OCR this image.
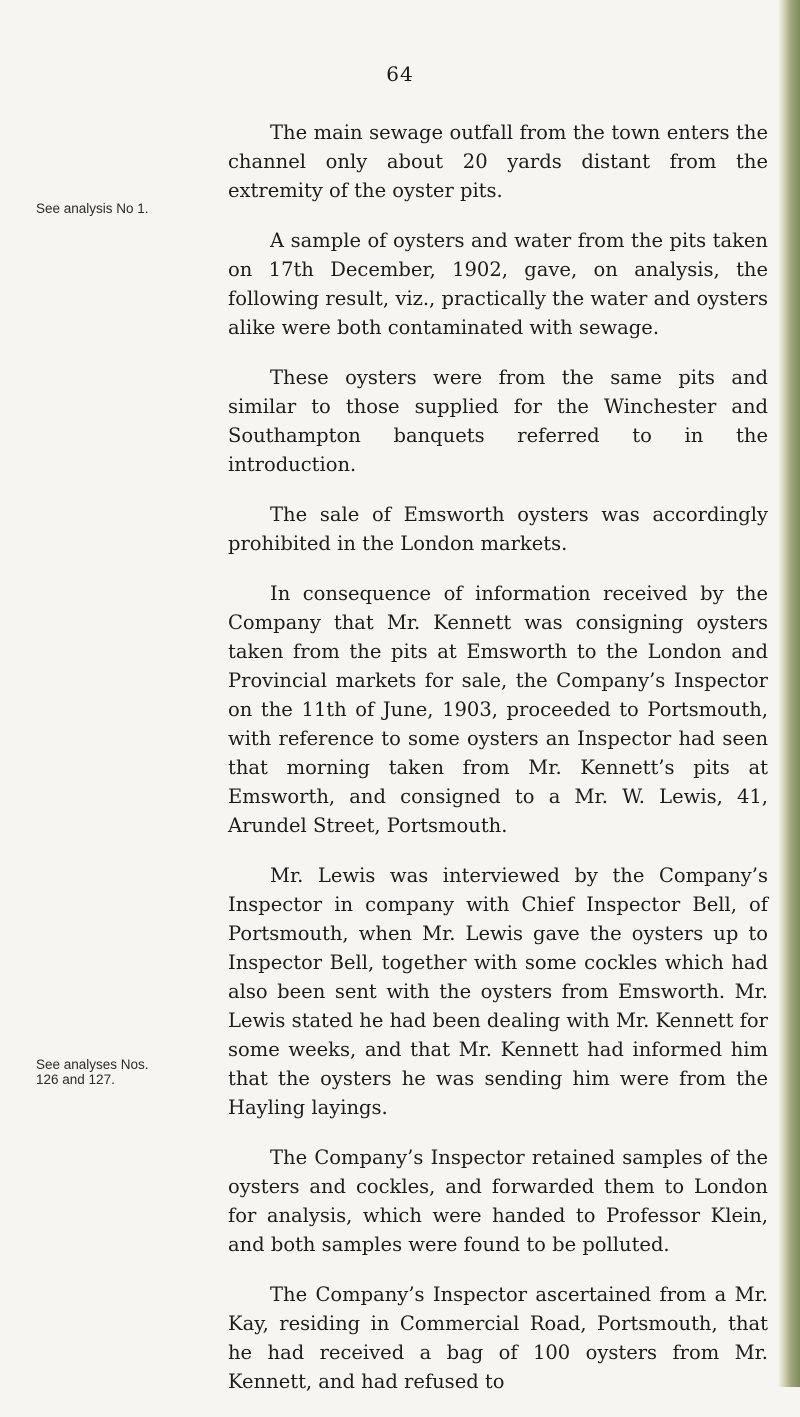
64
See analysis No 1.
See analyses Nos. 126 and 127.

The main sewage outfall from the town enters the channel only about 20 yards distant from the extremity of the oyster pits.

A sample of oysters and water from the pits taken on 17th December, 1902, gave, on analysis, the following result, viz., practically the water and oysters alike were both contaminated with sewage.

These oysters were from the same pits and similar to those supplied for the Winchester and Southampton banquets referred to in the introduction.

The sale of Emsworth oysters was accordingly prohibited in the London markets.

In consequence of information received by the Company that Mr. Kennett was consigning oysters taken from the pits at Emsworth to the London and Provincial markets for sale, the Company’s Inspector on the 11th of June, 1903, proceeded to Portsmouth, with reference to some oysters an Inspector had seen that morning taken from Mr. Kennett’s pits at Emsworth, and consigned to a Mr. W. Lewis, 41, Arundel Street, Portsmouth.

Mr. Lewis was interviewed by the Company’s Inspector in company with Chief Inspector Bell, of Portsmouth, when Mr. Lewis gave the oysters up to Inspector Bell, together with some cockles which had also been sent with the oysters from Emsworth. Mr. Lewis stated he had been dealing with Mr. Kennett for some weeks, and that Mr. Kennett had informed him that the oysters he was sending him were from the Hayling layings.

The Company’s Inspector retained samples of the oysters and cockles, and forwarded them to London for analysis, which were handed to Professor Klein, and both samples were found to be polluted.

The Company’s Inspector ascertained from a Mr. Kay, residing in Commercial Road, Portsmouth, that he had received a bag of 100 oysters from Mr. Kennett, and had refused to
